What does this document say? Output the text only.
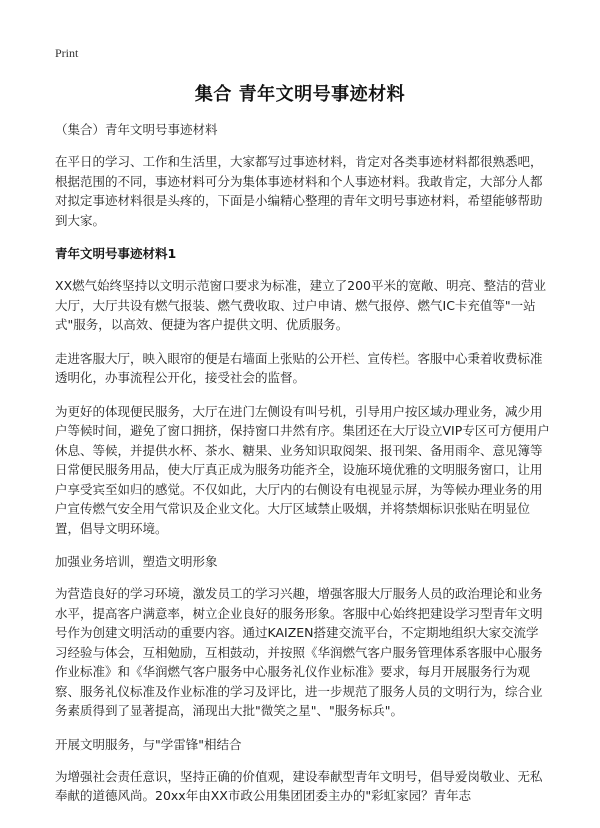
Print
集合 青年文明号事迹材料
（集合）青年文明号事迹材料
在平日的学习、工作和生活里，大家都写过事迹材料，肯定对各类事迹材料都很熟悉吧，根据范围的不同，事迹材料可分为集体事迹材料和个人事迹材料。我敢肯定，大部分人都对拟定事迹材料很是头疼的，下面是小编精心整理的青年文明号事迹材料，希望能够帮助到大家。
青年文明号事迹材料1
XX燃气始终坚持以文明示范窗口要求为标准，建立了200平米的宽敞、明亮、整洁的营业大厅，大厅共设有燃气报装、燃气费收取、过户申请、燃气报停、燃气IC卡充值等"一站式"服务，以高效、便捷为客户提供文明、优质服务。
走进客服大厅，映入眼帘的便是右墙面上张贴的公开栏、宣传栏。客服中心秉着收费标准透明化，办事流程公开化，接受社会的监督。
为更好的体现便民服务，大厅在进门左侧设有叫号机，引导用户按区域办理业务，减少用户等候时间，避免了窗口拥挤，保持窗口井然有序。集团还在大厅设立VIP专区可方便用户休息、等候，并提供水杯、茶水、糖果、业务知识取阅架、报刊架、备用雨伞、意见簿等日常便民服务用品，使大厅真正成为服务功能齐全，设施环境优雅的文明服务窗口，让用户享受宾至如归的感觉。不仅如此，大厅内的右侧设有电视显示屏，为等候办理业务的用户宣传燃气安全用气常识及企业文化。大厅区域禁止吸烟，并将禁烟标识张贴在明显位置，倡导文明环境。
加强业务培训，塑造文明形象
为营造良好的学习环境，激发员工的学习兴趣，增强客服大厅服务人员的政治理论和业务水平，提高客户满意率，树立企业良好的服务形象。客服中心始终把建设学习型青年文明号作为创建文明活动的重要内容。通过KAIZEN搭建交流平台，不定期地组织大家交流学习经验与体会，互相勉励，互相鼓动，并按照《华润燃气客户服务管理体系客服中心服务作业标准》和《华润燃气客户服务中心服务礼仪作业标准》要求，每月开展服务行为观察、服务礼仪标准及作业标准的学习及评比，进一步规范了服务人员的文明行为，综合业务素质得到了显著提高，涌现出大批"微笑之星"、"服务标兵"。
开展文明服务，与"学雷锋"相结合
为增强社会责任意识，坚持正确的价值观，建设奉献型青年文明号，倡导爱岗敬业、无私奉献的道德风尚。20xx年由XX市政公用集团团委主办的"彩虹家园？青年志
